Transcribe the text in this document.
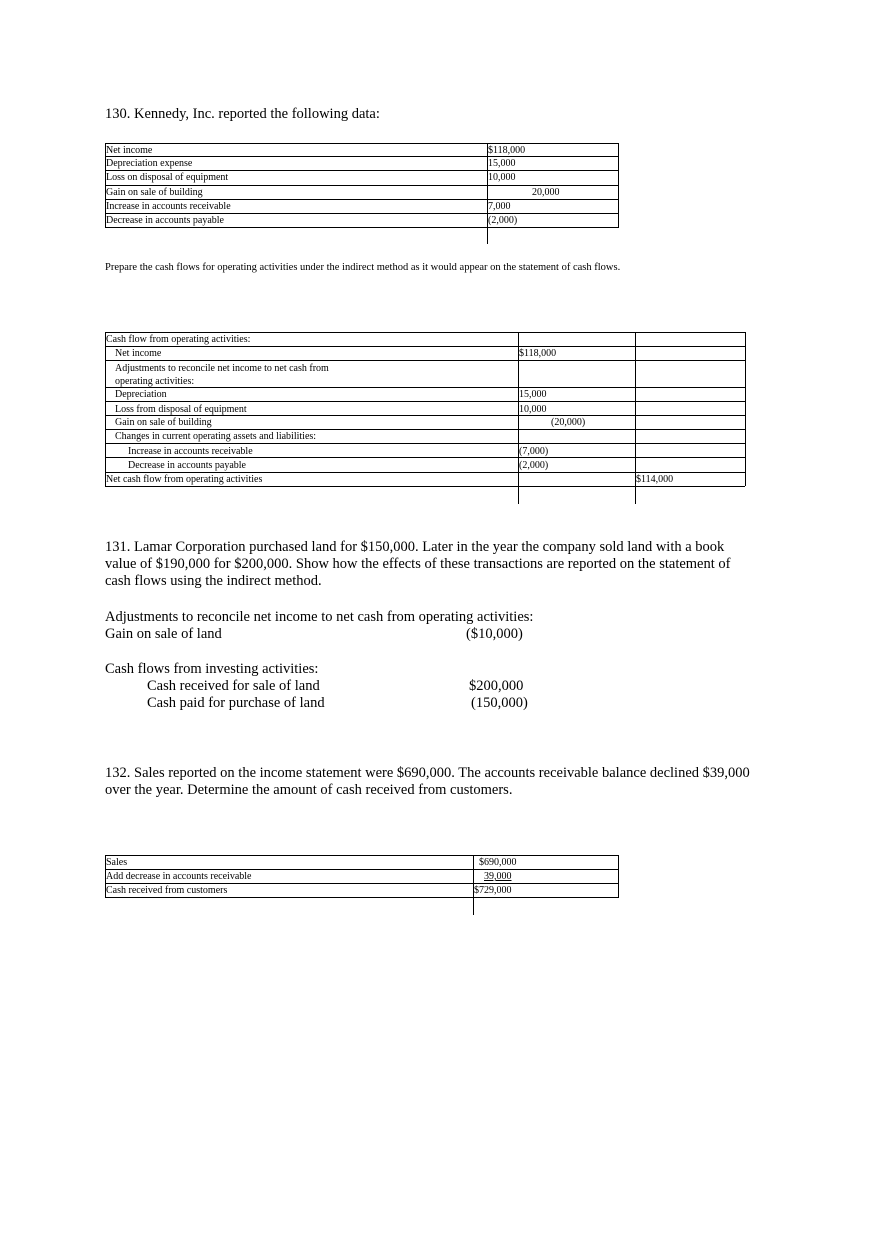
130. Kennedy, Inc. reported the following data:
Net income	$118,000
Depreciation expense	15,000
Loss on disposal of equipment	10,000
Gain on sale of building	20,000
Increase in accounts receivable	7,000
Decrease in accounts payable	(2,000)
Prepare the cash flows for operating activities under the indirect method as it would appear on the statement of cash flows.
Cash flow from operating activities:
Net income	$118,000
Adjustments to reconcile net income to net cash from
operating activities:
Depreciation	15,000
Loss from disposal of equipment	10,000
Gain on sale of building	(20,000)
Changes in current operating assets and liabilities:
Increase in accounts receivable	(7,000)
Decrease in accounts payable	(2,000)
Net cash flow from operating activities	$114,000
131. Lamar Corporation purchased land for $150,000. Later in the year the company sold land with a book
value of $190,000 for $200,000. Show how the effects of these transactions are reported on the statement of
cash flows using the indirect method.
Adjustments to reconcile net income to net cash from operating activities:
Gain on sale of land	($10,000)
Cash flows from investing activities:
Cash received for sale of land	$200,000
Cash paid for purchase of land	(150,000)
132. Sales reported on the income statement were $690,000. The accounts receivable balance declined $39,000
over the year. Determine the amount of cash received from customers.
Sales	$690,000
Add decrease in accounts receivable	39,000
Cash received from customers	$729,000
